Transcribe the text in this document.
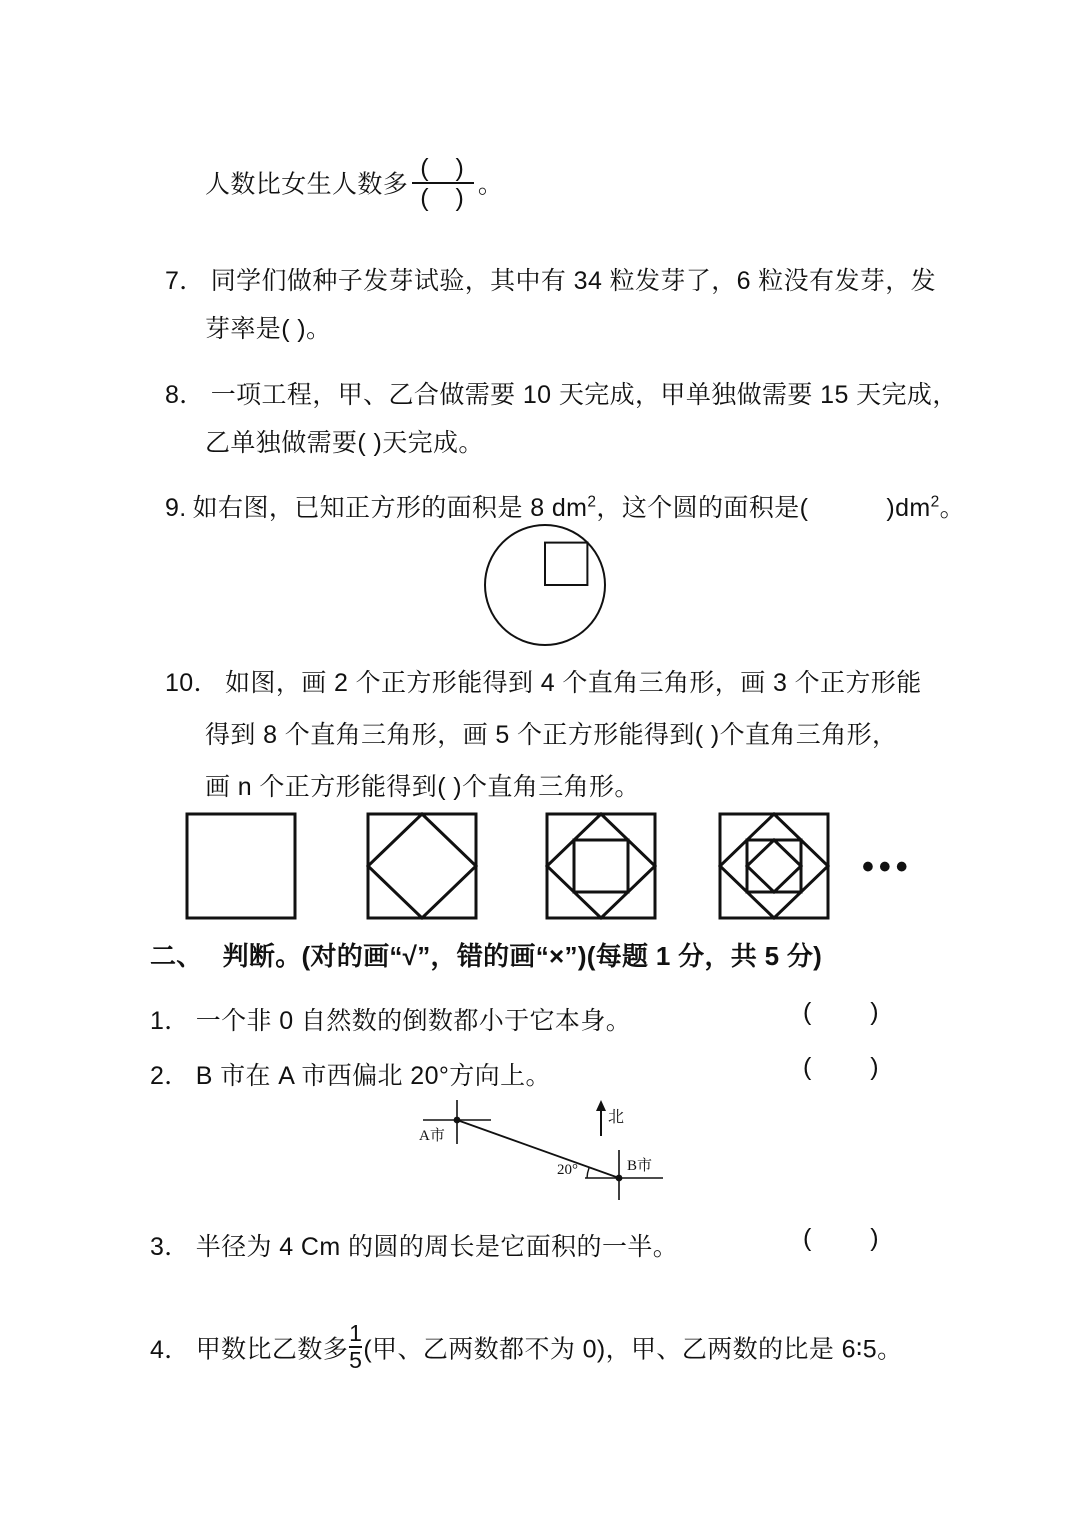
人数比女生人数多 $\frac{( )}{( )}$ 。
7． 同学们做种子发芽试验，其中有 34 粒发芽了，6 粒没有发芽，发
芽率是( )。
8． 一项工程，甲、乙合做需要 10 天完成，甲单独做需要 15 天完成，
乙单独做需要( )天完成。
9. 如右图，已知正方形的面积是 8 $dm^2$，这个圆的面积是(	)$dm^2$。
10． 如图，画 2 个正方形能得到 4 个直角三角形，画 3 个正方形能
得到 8 个直角三角形，画 5 个正方形能得到( )个直角三角形，
画 n 个正方形能得到( )个直角三角形。
•••
二、 判断。(对的画“√”，错的画“×”)(每题 1 分，共 5 分)
1． 一个非 0 自然数的倒数都小于它本身。	( )
2． B 市在 A 市西偏北 20°方向上。	( )
A市
20°	B市
北
3． 半径为 4 Cm 的圆的周长是它面积的一半。	( )
4． 甲数比乙数多 $\frac{1}{5}$ (甲、乙两数都不为 0)，甲、乙两数的比是 6∶5。
